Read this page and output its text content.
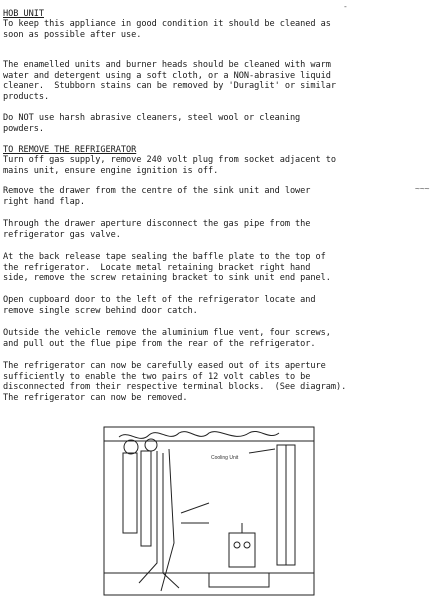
-
HOB UNIT
To keep this appliance in good condition it should be cleaned as
soon as possible after use.
The enamelled units and burner heads should be cleaned with warm
water and detergent using a soft cloth, or a NON-abrasive liquid
cleaner.  Stubborn stains can be removed by 'Duraglit' or similar
products.
Do NOT use harsh abrasive cleaners, steel wool or cleaning
powders.
TO REMOVE THE REFRIGERATOR
Turn off gas supply, remove 240 volt plug from socket adjacent to
mains unit, ensure engine ignition is off.
Remove the drawer from the centre of the sink unit and lower
right hand flap.
Through the drawer aperture disconnect the gas pipe from the
refrigerator gas valve.
At the back release tape sealing the baffle plate to the top of
the refrigerator.  Locate metal retaining bracket right hand
side, remove the screw retaining bracket to sink unit end panel.
Open cupboard door to the left of the refrigerator locate and
remove single screw behind door catch.
Outside the vehicle remove the aluminium flue vent, four screws,
and pull out the flue pipe from the rear of the refrigerator.
The refrigerator can now be carefully eased out of its aperture
sufficiently to enable the two pairs of 12 volt cables to be
disconnected from their respective terminal blocks.  (See diagram).
The refrigerator can now be removed.
~~~
Cooling Unit
